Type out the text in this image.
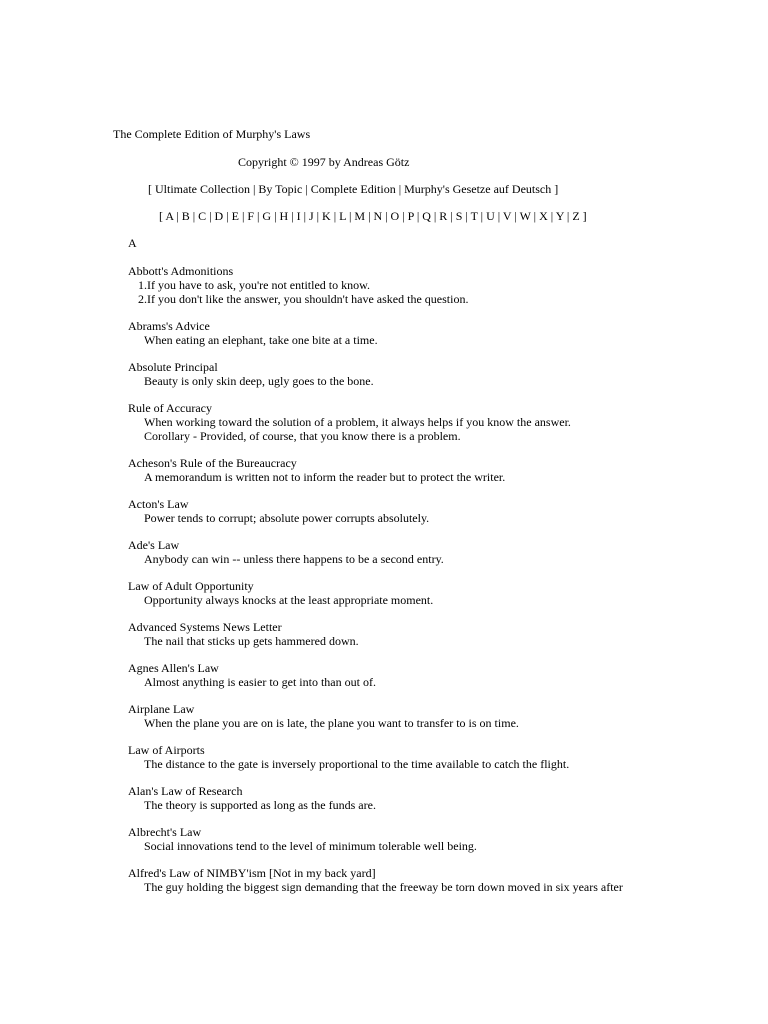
The Complete Edition of Murphy's Laws
Copyright © 1997 by Andreas Götz
[ Ultimate Collection | By Topic | Complete Edition | Murphy's Gesetze auf Deutsch ]
[ A | B | C | D | E | F | G | H | I | J | K | L | M | N | O | P | Q | R | S | T | U | V | W | X | Y | Z ]
A
Abbott's Admonitions
1.If you have to ask, you're not entitled to know.
2.If you don't like the answer, you shouldn't have asked the question.
Abrams's Advice
When eating an elephant, take one bite at a time.
Absolute Principal
Beauty is only skin deep, ugly goes to the bone.
Rule of Accuracy
When working toward the solution of a problem, it always helps if you know the answer.
Corollary - Provided, of course, that you know there is a problem.
Acheson's Rule of the Bureaucracy
A memorandum is written not to inform the reader but to protect the writer.
Acton's Law
Power tends to corrupt; absolute power corrupts absolutely.
Ade's Law
Anybody can win -- unless there happens to be a second entry.
Law of Adult Opportunity
Opportunity always knocks at the least appropriate moment.
Advanced Systems News Letter
The nail that sticks up gets hammered down.
Agnes Allen's Law
Almost anything is easier to get into than out of.
Airplane Law
When the plane you are on is late, the plane you want to transfer to is on time.
Law of Airports
The distance to the gate is inversely proportional to the time available to catch the flight.
Alan's Law of Research
The theory is supported as long as the funds are.
Albrecht's Law
Social innovations tend to the level of minimum tolerable well being.
Alfred's Law of NIMBY'ism [Not in my back yard]
The guy holding the biggest sign demanding that the freeway be torn down moved in six years after
